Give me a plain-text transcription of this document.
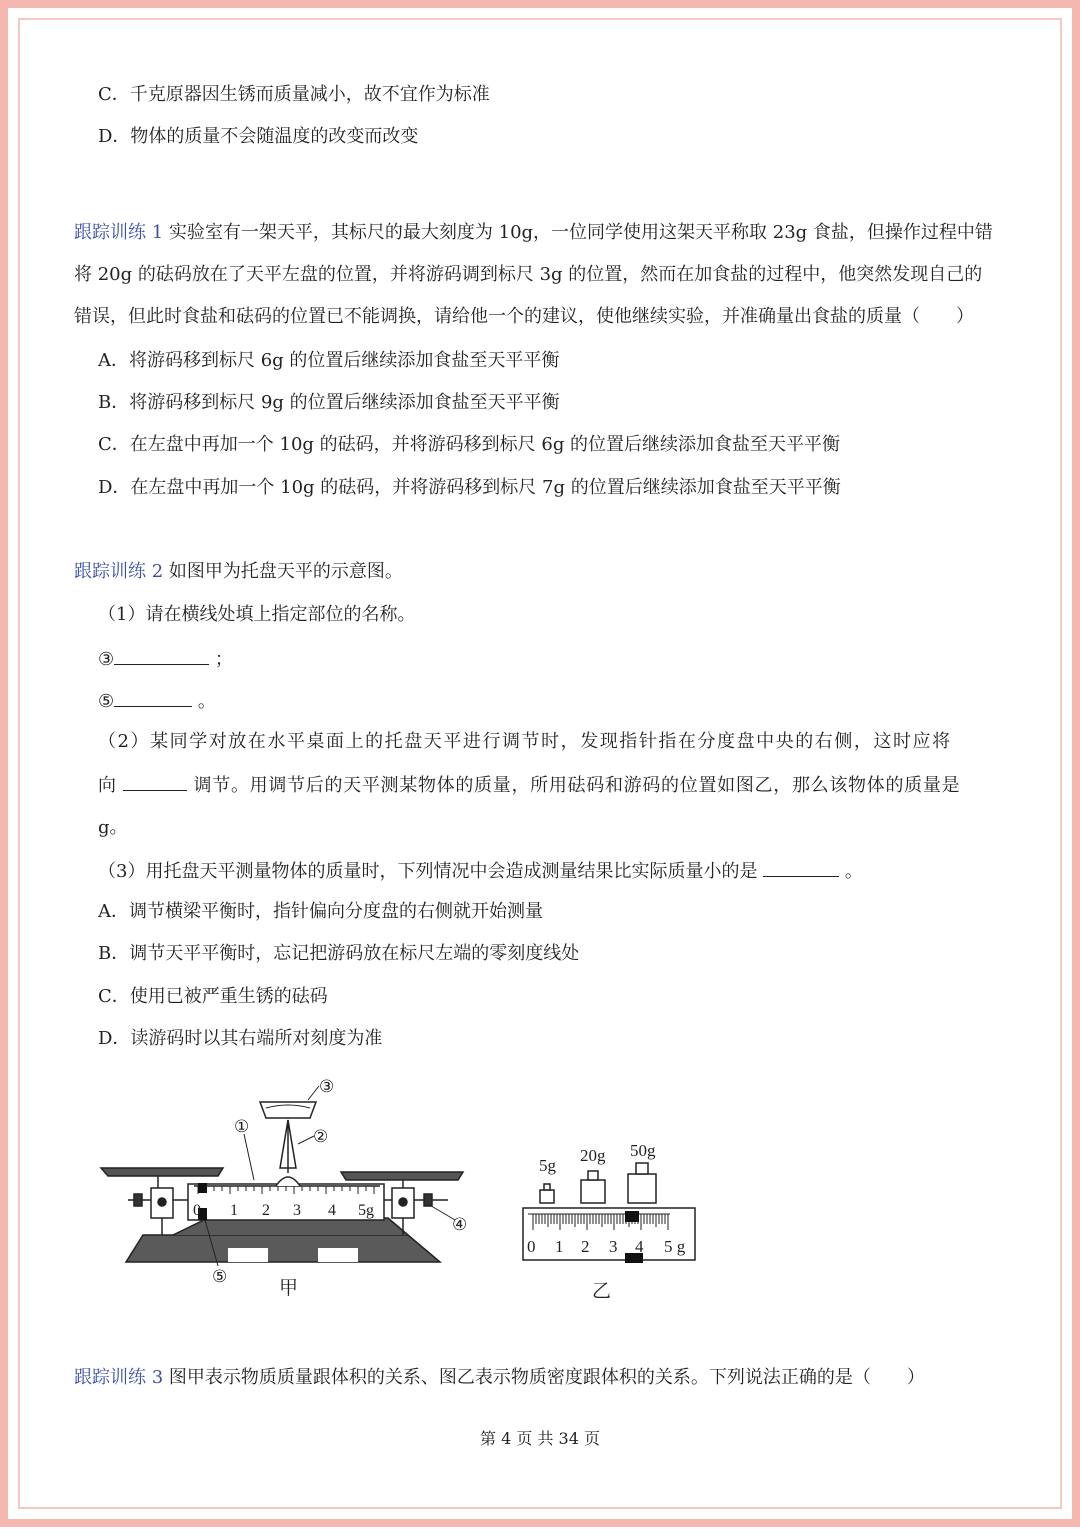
C．千克原器因生锈而质量减小，故不宜作为标准
D．物体的质量不会随温度的改变而改变
跟踪训练 1 实验室有一架天平，其标尺的最大刻度为 10g，一位同学使用这架天平称取 23g 食盐，但操作过程中错
将 20g 的砝码放在了天平左盘的位置，并将游码调到标尺 3g 的位置，然而在加食盐的过程中，他突然发现自己的
错误，但此时食盐和砝码的位置已不能调换，请给他一个的建议，使他继续实验，并准确量出食盐的质量（　　）
A．将游码移到标尺 6g 的位置后继续添加食盐至天平平衡
B．将游码移到标尺 9g 的位置后继续添加食盐至天平平衡
C．在左盘中再加一个 10g 的砝码，并将游码移到标尺 6g 的位置后继续添加食盐至天平平衡
D．在左盘中再加一个 10g 的砝码，并将游码移到标尺 7g 的位置后继续添加食盐至天平平衡
跟踪训练 2 如图甲为托盘天平的示意图。
（1）请在横线处填上指定部位的名称。
③	；
⑤	。
（2）某同学对放在水平桌面上的托盘天平进行调节时，发现指针指在分度盘中央的右侧，这时应将
向	调节。用调节后的天平测某物体的质量，所用砝码和游码的位置如图乙，那么该物体的质量是
g。
（3）用托盘天平测量物体的质量时，下列情况中会造成测量结果比实际质量小的是	。
A．调节横梁平衡时，指针偏向分度盘的右侧就开始测量
B．调节天平平衡时，忘记把游码放在标尺左端的零刻度线处
C．使用已被严重生锈的砝码
D．读游码时以其右端所对刻度为准
0 1 2 3 4 5g
①
②
③
④
⑤
甲
5g
20g 50g
0 1 2 3 4 5 g
乙
跟踪训练 3 图甲表示物质质量跟体积的关系、图乙表示物质密度跟体积的关系。下列说法正确的是（　　）
第 4 页 共 34 页
